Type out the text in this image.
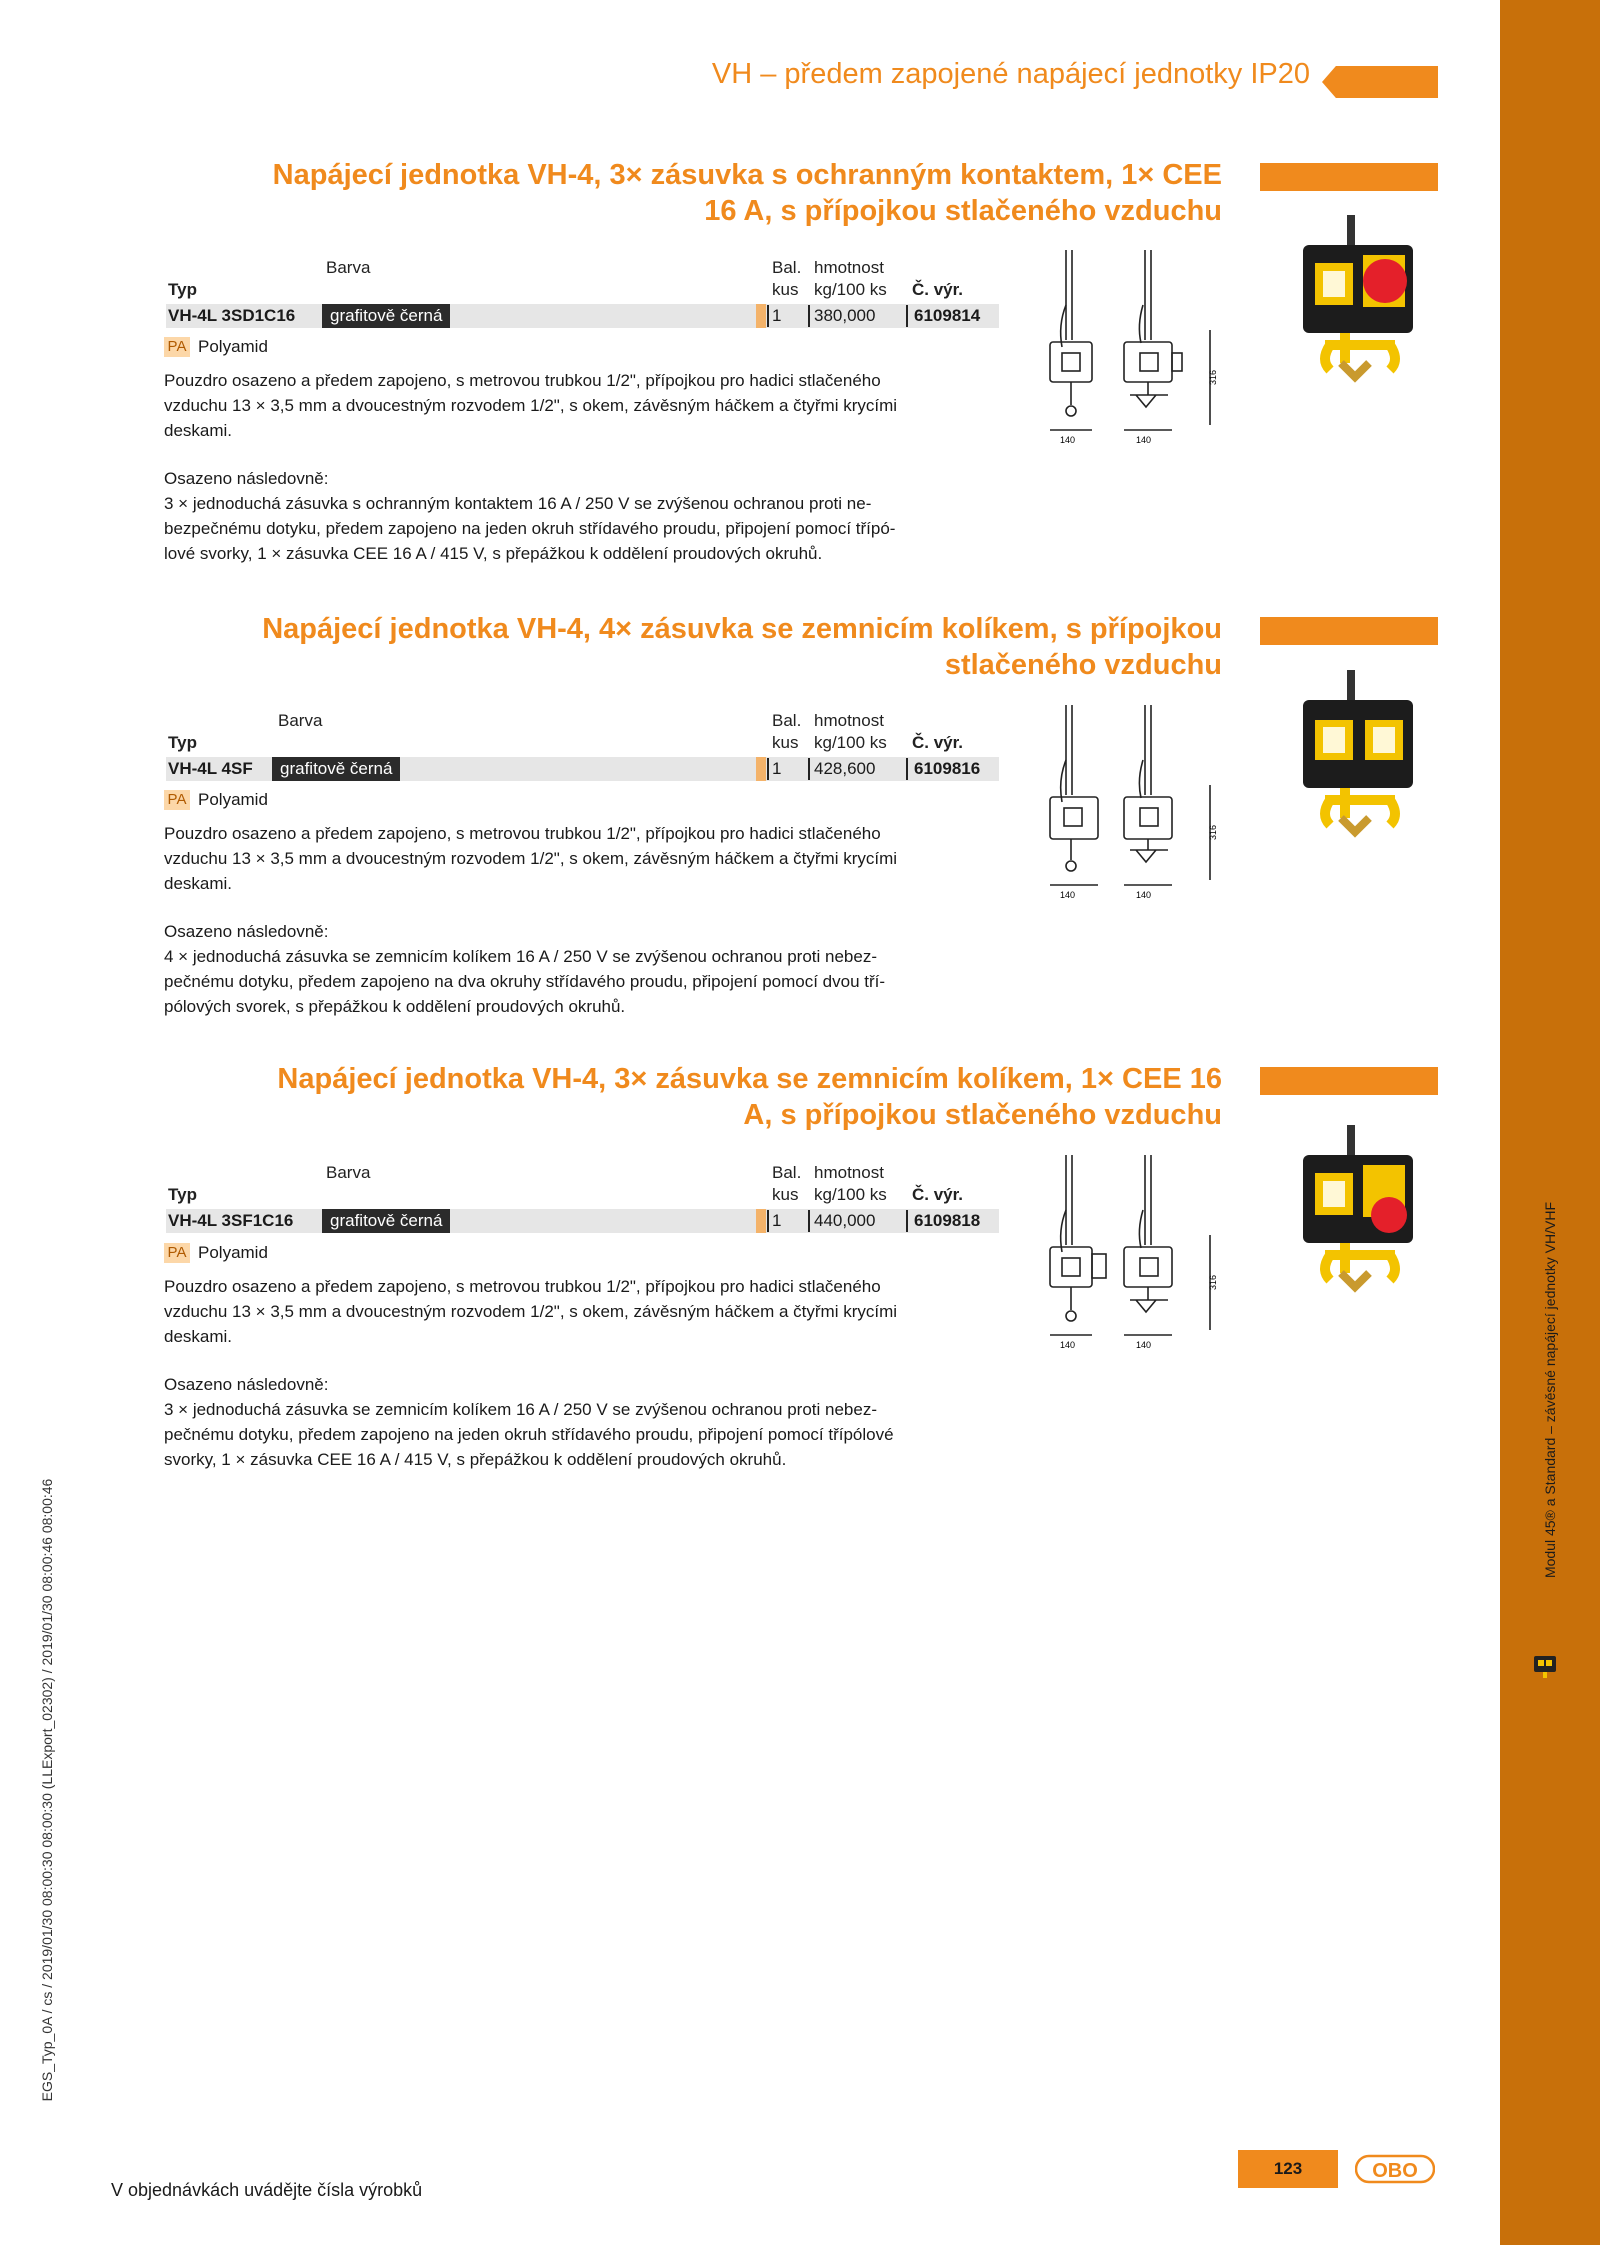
Modul 45® a Standard – závěsné napájecí jednotky VH/VHF
VH – předem zapojené napájecí jednotky IP20
EGS_Typ_0A / cs / 2019/01/30 08:00:30 08:00:30 (LLExport_02302) / 2019/01/30 08:00:46 08:00:46
Napájecí jednotka VH-4, 3× zásuvka s ochranným kontaktem, 1× CEE
16 A, s přípojkou stlačeného vzduchu
Barva	Bal. hmotnost
Typ	kus kg/100 ks Č. výr.
VH-4L 3SD1C16	grafitově černá	1 380,000 6109814
PA Polyamid
Pouzdro osazeno a předem zapojeno, s metrovou trubkou 1/2", přípojkou pro hadici stlačeného
vzduchu 13 × 3,5 mm a dvoucestným rozvodem 1/2", s okem, závěsným háčkem a čtyřmi krycími
deskami.
Osazeno následovně:
3 × jednoduchá zásuvka s ochranným kontaktem 16 A / 250 V se zvýšenou ochranou proti ne-
bezpečnému dotyku, předem zapojeno na jeden okruh střídavého proudu, připojení pomocí třípó-
lové svorky, 1 × zásuvka CEE 16 A / 415 V, s přepážkou k oddělení proudových okruhů.
140	140
316
Napájecí jednotka VH-4, 4× zásuvka se zemnicím kolíkem, s přípojkou
stlačeného vzduchu
Barva	Bal. hmotnost
Typ	kus kg/100 ks Č. výr.
VH-4L 4SF	grafitově černá	1 428,600 6109816
PA Polyamid
Pouzdro osazeno a předem zapojeno, s metrovou trubkou 1/2", přípojkou pro hadici stlačeného
vzduchu 13 × 3,5 mm a dvoucestným rozvodem 1/2", s okem, závěsným háčkem a čtyřmi krycími
deskami.
Osazeno následovně:
4 × jednoduchá zásuvka se zemnicím kolíkem 16 A / 250 V se zvýšenou ochranou proti nebez-
pečnému dotyku, předem zapojeno na dva okruhy střídavého proudu, připojení pomocí dvou tří-
pólových svorek, s přepážkou k oddělení proudových okruhů.
140	140
316
Napájecí jednotka VH-4, 3× zásuvka se zemnicím kolíkem, 1× CEE 16
A, s přípojkou stlačeného vzduchu
Barva	Bal. hmotnost
Typ	kus kg/100 ks Č. výr.
VH-4L 3SF1C16	grafitově černá	1 440,000 6109818
PA Polyamid
Pouzdro osazeno a předem zapojeno, s metrovou trubkou 1/2", přípojkou pro hadici stlačeného
vzduchu 13 × 3,5 mm a dvoucestným rozvodem 1/2", s okem, závěsným háčkem a čtyřmi krycími
deskami.
Osazeno následovně:
3 × jednoduchá zásuvka se zemnicím kolíkem 16 A / 250 V se zvýšenou ochranou proti nebez-
pečnému dotyku, předem zapojeno na jeden okruh střídavého proudu, připojení pomocí třípólové
svorky, 1 × zásuvka CEE 16 A / 415 V, s přepážkou k oddělení proudových okruhů.
140	140
316
V objednávkách uvádějte čísla výrobků
123	OBO
